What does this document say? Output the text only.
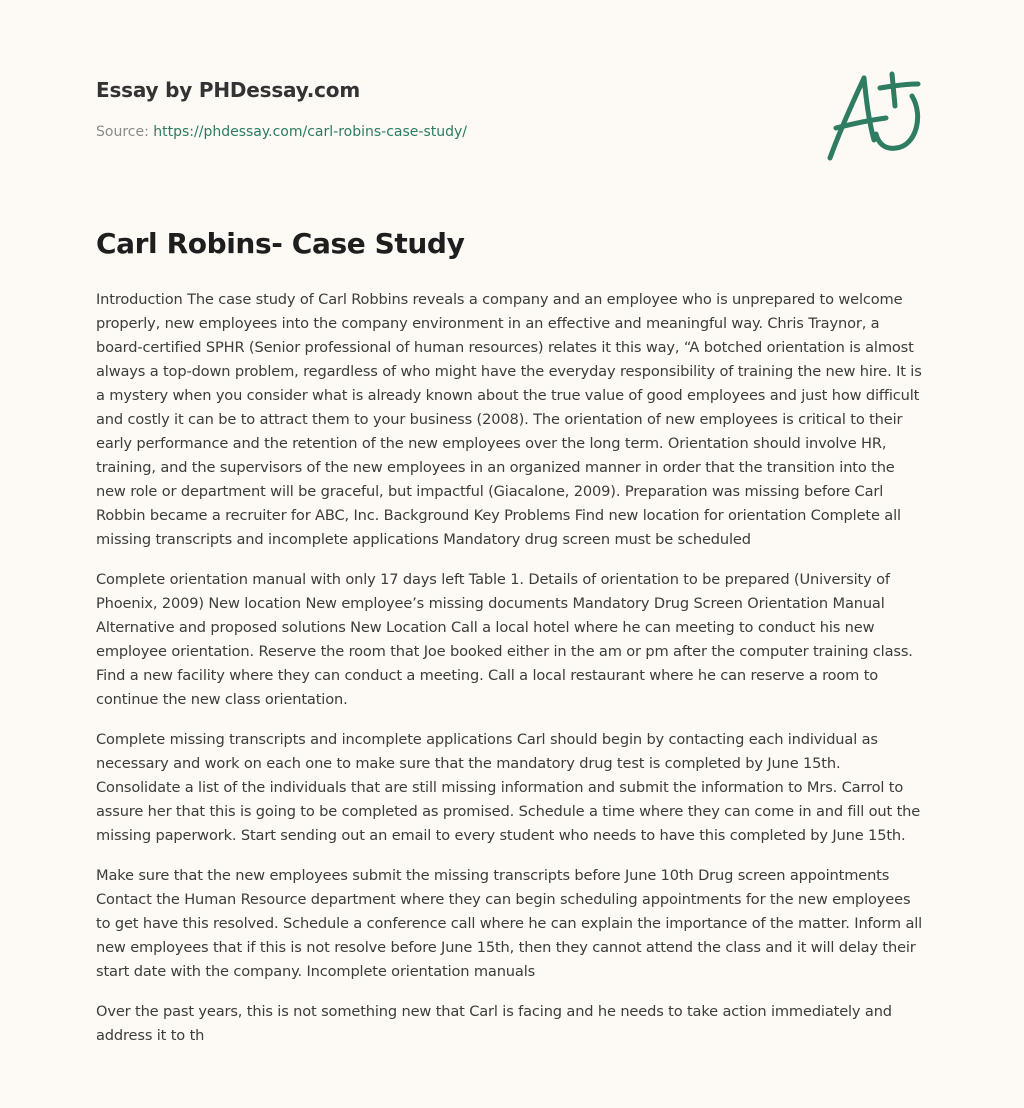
Essay by PHDessay.com
Source: https://phdessay.com/carl-robins-case-study/
Carl Robins- Case Study

Introduction The case study of Carl Robbins reveals a company and an employee who is unprepared to welcome properly, new employees into the company environment in an effective and meaningful way. Chris Traynor, a board-certified SPHR (Senior professional of human resources) relates it this way, “A botched orientation is almost always a top-down problem, regardless of who might have the everyday responsibility of training the new hire. It is a mystery when you consider what is already known about the true value of good employees and just how difficult and costly it can be to attract them to your business (2008). The orientation of new employees is critical to their early performance and the retention of the new employees over the long term. Orientation should involve HR, training, and the supervisors of the new employees in an organized manner in order that the transition into the new role or department will be graceful, but impactful (Giacalone, 2009). Preparation was missing before Carl Robbin became a recruiter for ABC, Inc. Background Key Problems Find new location for orientation Complete all missing transcripts and incomplete applications Mandatory drug screen must be scheduled

Complete orientation manual with only 17 days left Table 1. Details of orientation to be prepared (University of Phoenix, 2009) New location New employee’s missing documents Mandatory Drug Screen Orientation Manual Alternative and proposed solutions New Location Call a local hotel where he can meeting to conduct his new employee orientation. Reserve the room that Joe booked either in the am or pm after the computer training class. Find a new facility where they can conduct a meeting. Call a local restaurant where he can reserve a room to continue the new class orientation.

Complete missing transcripts and incomplete applications Carl should begin by contacting each individual as necessary and work on each one to make sure that the mandatory drug test is completed by June 15th. Consolidate a list of the individuals that are still missing information and submit the information to Mrs. Carrol to assure her that this is going to be completed as promised. Schedule a time where they can come in and fill out the missing paperwork. Start sending out an email to every student who needs to have this completed by June 15th.

Make sure that the new employees submit the missing transcripts before June 10th Drug screen appointments Contact the Human Resource department where they can begin scheduling appointments for the new employees to get have this resolved. Schedule a conference call where he can explain the importance of the matter. Inform all new employees that if this is not resolve before June 15th, then they cannot attend the class and it will delay their start date with the company. Incomplete orientation manuals

Over the past years, this is not something new that Carl is facing and he needs to take action immediately and address it to th
